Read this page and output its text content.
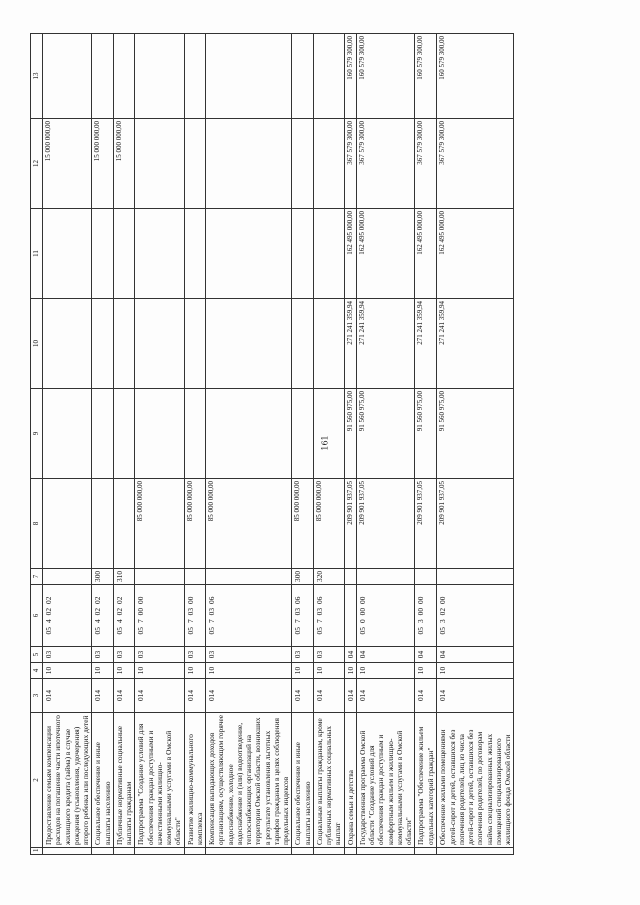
161
1	2	3	4	5	6	7	8	9	10	11	12	13
	Предоставление семьям компенсации расходов на погашение части ипотечного жилищного кредита (займа) в случае рождения (усыновления, удочерения) второго ребенка или последующих детей	014	10	03	0540202						15 000 000,00	
	Социальное обеспечение и иные выплаты населению	014	10	03	0540202	300					15 000 000,00	
	Публичные нормативные социальные выплаты гражданам	014	10	03	0540202	310					15 000 000,00	
	Подпрограмма "Создание условий для обеспечения граждан доступными и качественными жилищно-коммунальными услугами в Омской области"	014	10	03	0570000		85 000 000,00					
	Развитие жилищно-коммунального комплекса	014	10	03	0570300		85 000 000,00					
	Компенсация выпадающих доходов организациям, осуществляющим горячее водоснабжение, холодное водоснабжение и (или) водоотведение, теплоснабжающих организаций на территории Омской области, возникших в результате установления льготных тарифов гражданам в целях соблюдения предельных индексов	014	10	03	0570306		85 000 000,00					
	Социальное обеспечение и иные выплаты населению	014	10	03	0570306	300	85 000 000,00					
	Социальные выплаты гражданам, кроме публичных нормативных социальных выплат	014	10	03	0570306	320	85 000 000,00					
	Охрана семьи и детства	014	10	04			209 901 937,05	91 560 975,00	271 241 359,94	162 495 000,00	367 579 300,00	160 579 300,00
	Государственная программа Омской области "Создание условий для обеспечения граждан доступным и комфортным жильем и жилищно-коммунальными услугами в Омской области"	014	10	04	0500000		209 901 937,05	91 560 975,00	271 241 359,94	162 495 000,00	367 579 300,00	160 579 300,00
	Подпрограмма "Обеспечение жильем отдельных категорий граждан"	014	10	04	0530000		209 901 937,05	91 560 975,00	271 241 359,94	162 495 000,00	367 579 300,00	160 579 300,00
	Обеспечение жилыми помещениями детей-сирот и детей, оставшихся без попечения родителей, лиц из числа детей-сирот и детей, оставшихся без попечения родителей, по договорам найма специализированных жилых помещений специализированного жилищного фонда Омской области	014	10	04	0530200		209 901 937,05	91 560 975,00	271 241 359,94	162 495 000,00	367 579 300,00	160 579 300,00
